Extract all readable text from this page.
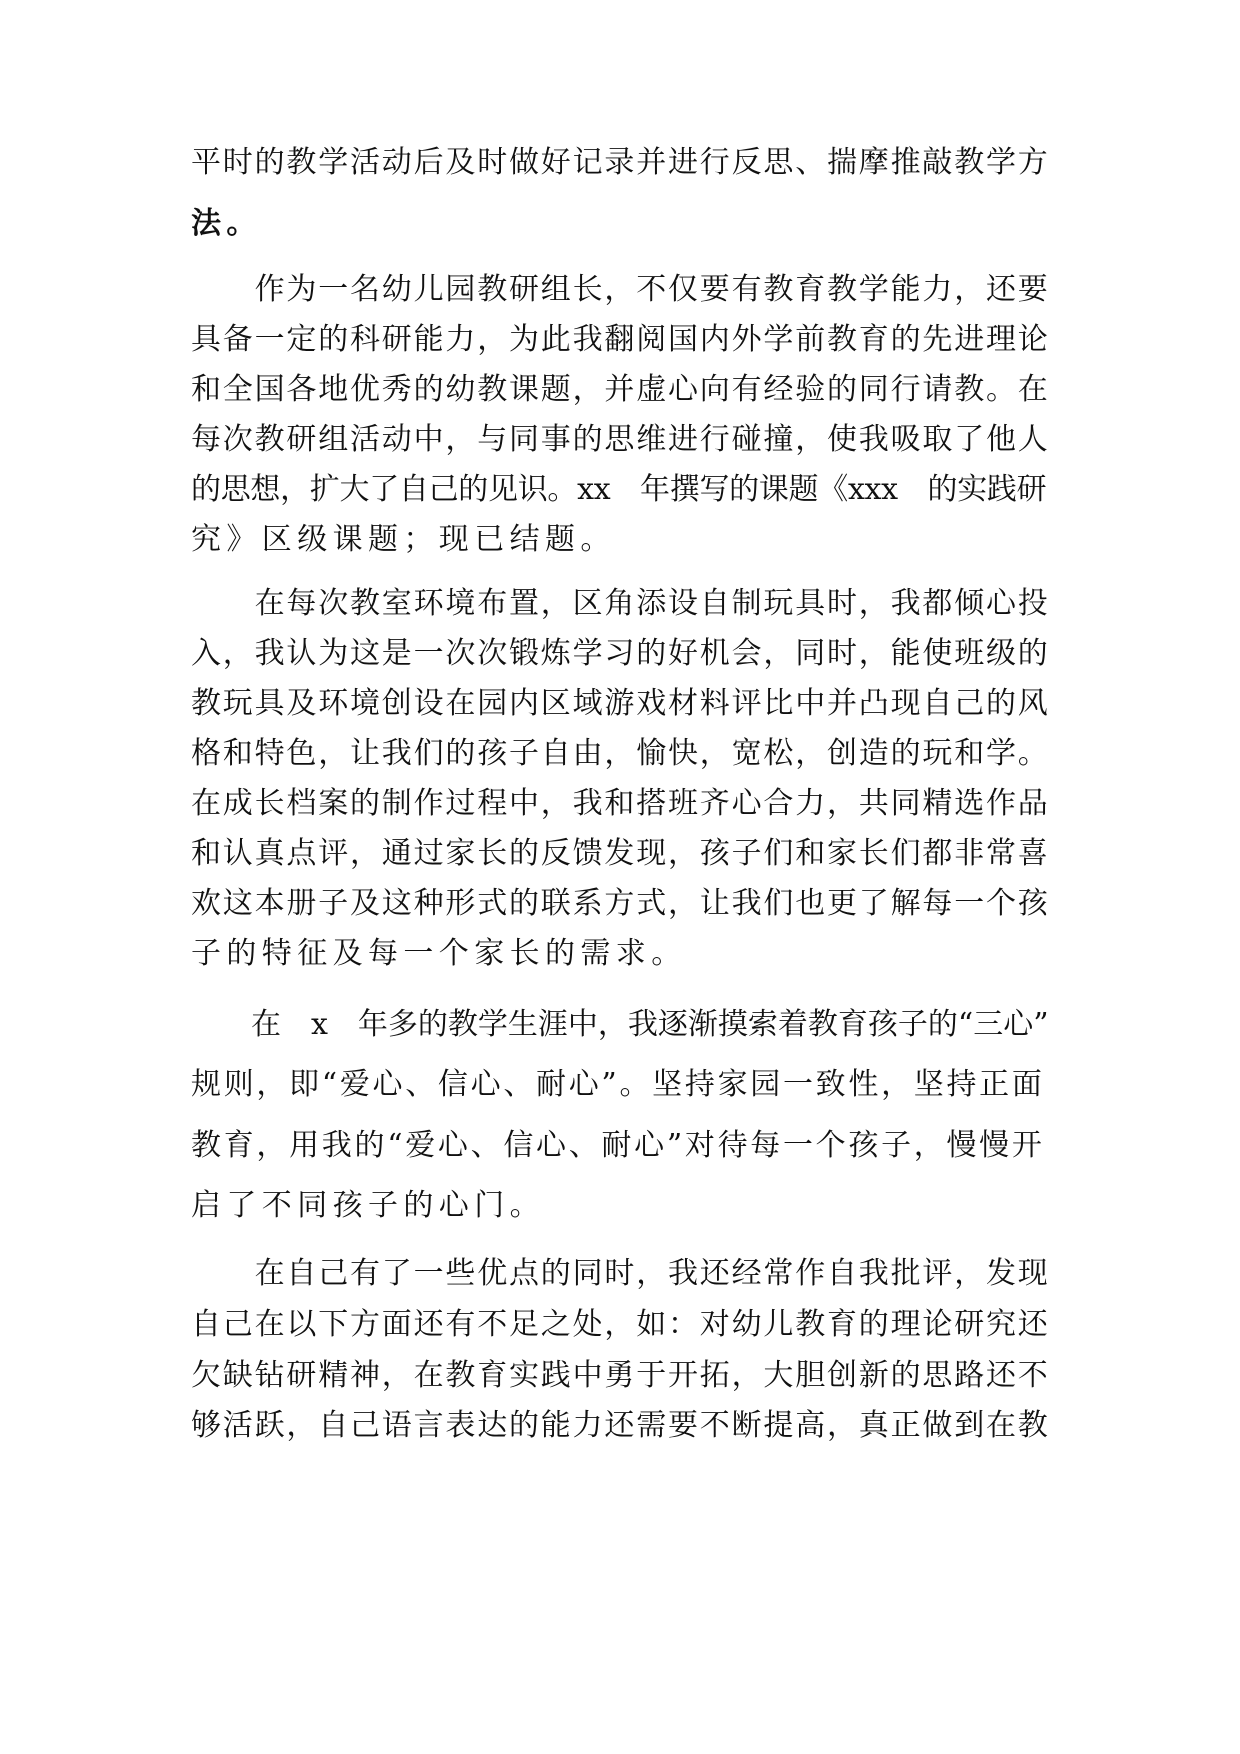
平时的教学活动后及时做好记录并进行反思、揣摩推敲教学方
法。
　　作为一名幼儿园教研组长，不仅要有教育教学能力，还要
具备一定的科研能力，为此我翻阅国内外学前教育的先进理论
和全国各地优秀的幼教课题，并虚心向有经验的同行请教。在
每次教研组活动中，与同事的思维进行碰撞，使我吸取了他人
的思想，扩大了自己的见识。xx　年撰写的课题《xxx　的实践研
究》区级课题；现已结题。
　　在每次教室环境布置，区角添设自制玩具时，我都倾心投
入，我认为这是一次次锻炼学习的好机会，同时，能使班级的
教玩具及环境创设在园内区域游戏材料评比中并凸现自己的风
格和特色，让我们的孩子自由，愉快，宽松，创造的玩和学。
在成长档案的制作过程中，我和搭班齐心合力，共同精选作品
和认真点评，通过家长的反馈发现，孩子们和家长们都非常喜
欢这本册子及这种形式的联系方式，让我们也更了解每一个孩
子的特征及每一个家长的需求。
　　在　x　年多的教学生涯中，我逐渐摸索着教育孩子的“三心”
规则，即“爱心、信心、耐心”。坚持家园一致性，坚持正面
教育，用我的“爱心、信心、耐心”对待每一个孩子，慢慢开
启了不同孩子的心门。
　　在自己有了一些优点的同时，我还经常作自我批评，发现
自己在以下方面还有不足之处，如：对幼儿教育的理论研究还
欠缺钻研精神，在教育实践中勇于开拓，大胆创新的思路还不
够活跃，自己语言表达的能力还需要不断提高，真正做到在教
